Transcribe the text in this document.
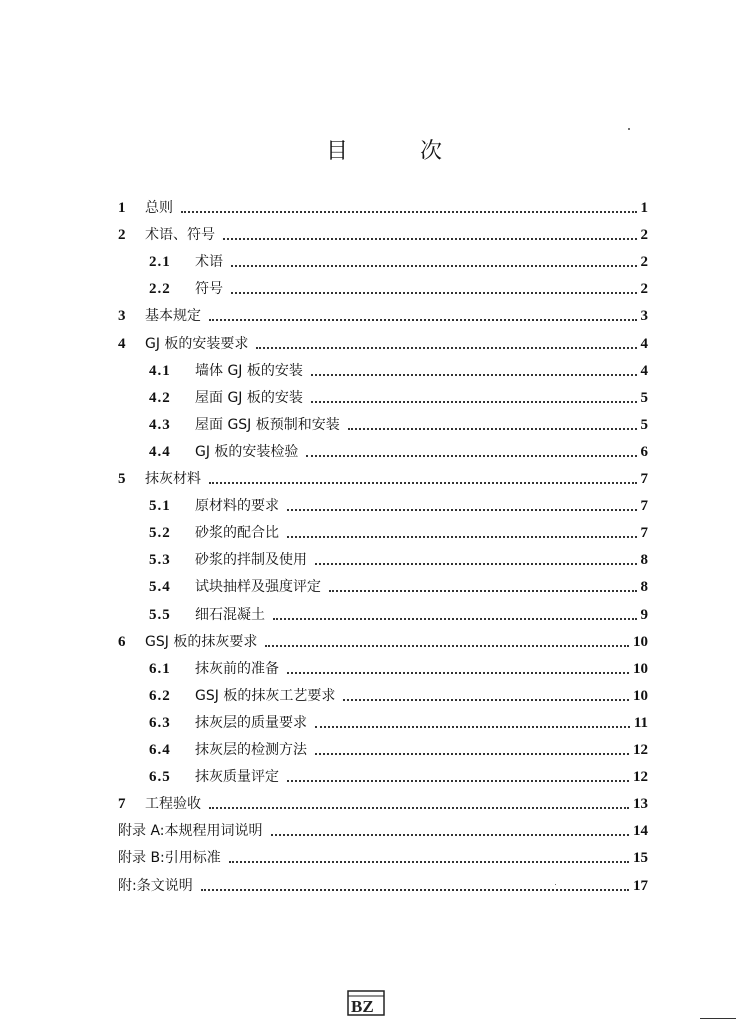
目	次
1	总则	1
2	术语、符号	2
2.1	术语	2
2.2	符号	2
3	基本规定	3
4	GJ 板的安装要求	4
4.1	墙体 GJ 板的安装	4
4.2	屋面 GJ 板的安装	5
4.3	屋面 GSJ 板预制和安装	5
4.4	GJ 板的安装检验	6
5	抹灰材料	7
5.1	原材料的要求	7
5.2	砂浆的配合比	7
5.3	砂浆的拌制及使用	8
5.4	试块抽样及强度评定	8
5.5	细石混凝土	9
6	GSJ 板的抹灰要求	10
6.1	抹灰前的准备	10
6.2	GSJ 板的抹灰工艺要求	10
6.3	抹灰层的质量要求	11
6.4	抹灰层的检测方法	12
6.5	抹灰质量评定	12
7	工程验收	13
附录 A:本规程用词说明	14
附录 B:引用标准	15
附:条文说明	17
BZ
